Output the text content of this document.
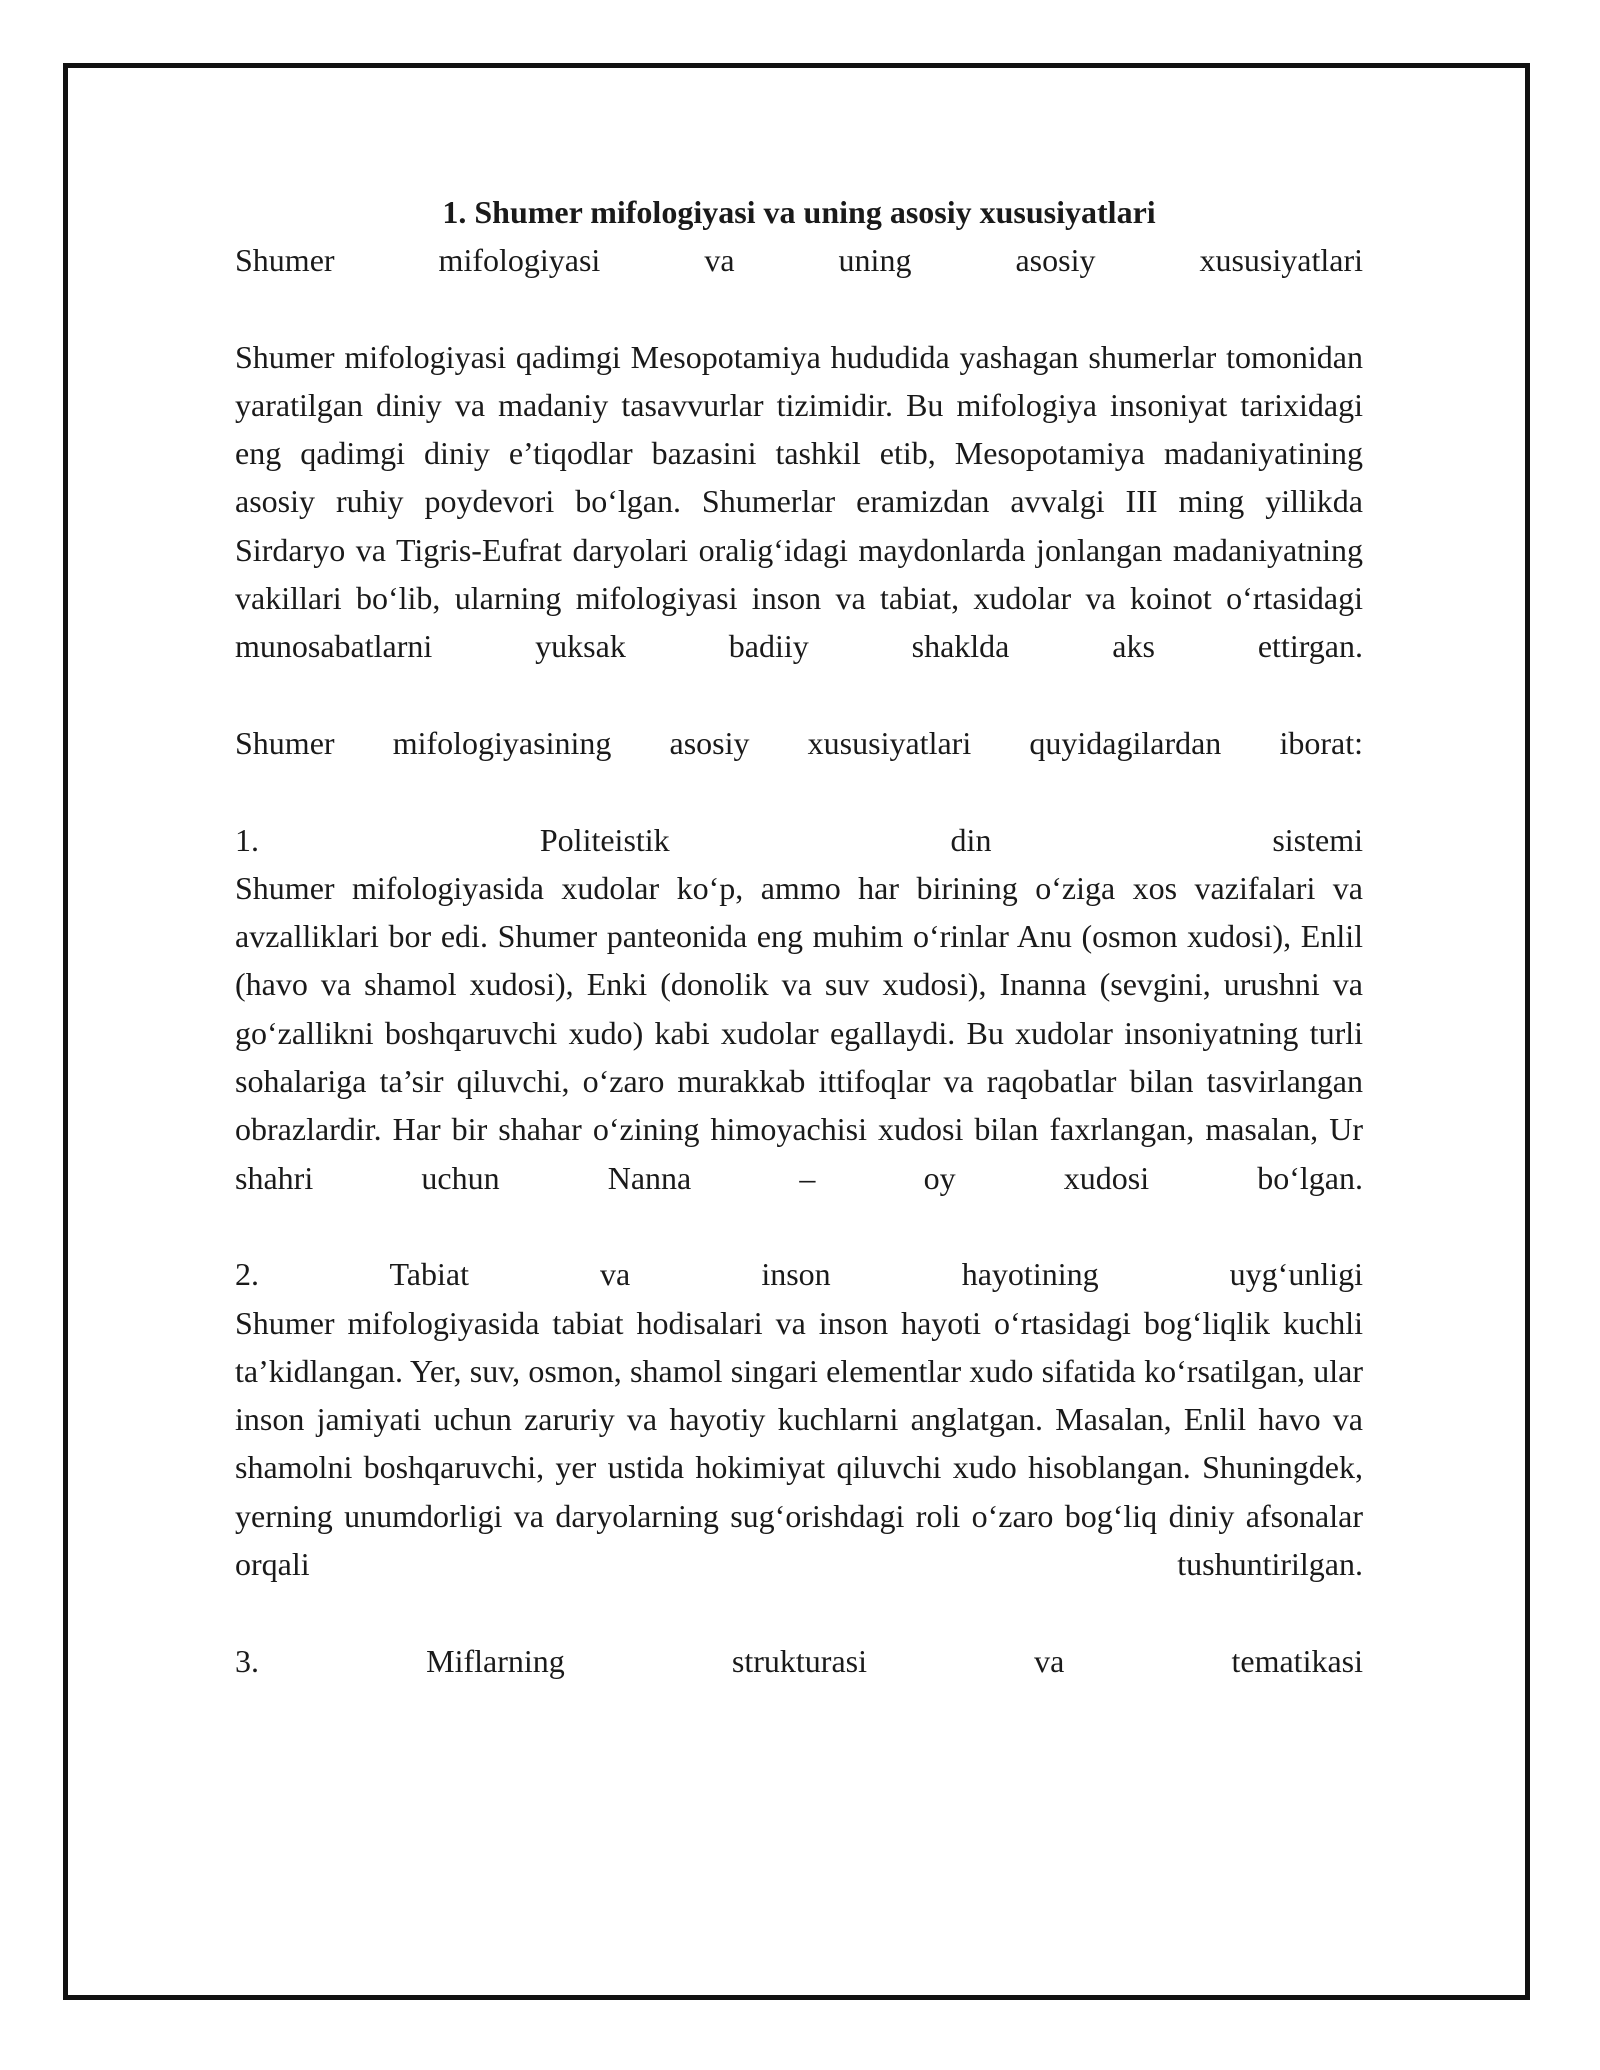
1. Shumer mifologiyasi va uning asosiy xususiyatlari

Shumer mifologiyasi va uning asosiy xususiyatlari

Shumer mifologiyasi qadimgi Mesopotamiya hududida yashagan shumerlar tomonidan yaratilgan diniy va madaniy tasavvurlar tizimidir. Bu mifologiya insoniyat tarixidagi eng qadimgi diniy e’tiqodlar bazasini tashkil etib, Mesopotamiya madaniyatining asosiy ruhiy poydevori bo‘lgan. Shumerlar eramizdan avvalgi III ming yillikda Sirdaryo va Tigris-Eufrat daryolari oralig‘idagi maydonlarda jonlangan madaniyatning vakillari bo‘lib, ularning mifologiyasi inson va tabiat, xudolar va koinot o‘rtasidagi munosabatlarni yuksak badiiy shaklda aks ettirgan.

Shumer mifologiyasining asosiy xususiyatlari quyidagilardan iborat:

1. Politeistik din sistemi

Shumer mifologiyasida xudolar ko‘p, ammo har birining o‘ziga xos vazifalari va avzalliklari bor edi. Shumer panteonida eng muhim o‘rinlar Anu (osmon xudosi), Enlil (havo va shamol xudosi), Enki (donolik va suv xudosi), Inanna (sevgini, urushni va go‘zallikni boshqaruvchi xudo) kabi xudolar egallaydi. Bu xudolar insoniyatning turli sohalariga ta’sir qiluvchi, o‘zaro murakkab ittifoqlar va raqobatlar bilan tasvirlangan obrazlardir. Har bir shahar o‘zining himoyachisi xudosi bilan faxrlangan, masalan, Ur shahri uchun Nanna – oy xudosi bo‘lgan.

2. Tabiat va inson hayotining uyg‘unligi

Shumer mifologiyasida tabiat hodisalari va inson hayoti o‘rtasidagi bog‘liqlik kuchli ta’kidlangan. Yer, suv, osmon, shamol singari elementlar xudo sifatida ko‘rsatilgan, ular inson jamiyati uchun zaruriy va hayotiy kuchlarni anglatgan. Masalan, Enlil havo va shamolni boshqaruvchi, yer ustida hokimiyat qiluvchi xudo hisoblangan. Shuningdek, yerning unumdorligi va daryolarning sug‘orishdagi roli o‘zaro bog‘liq diniy afsonalar orqali tushuntirilgan.

3. Miflarning strukturasi va tematikasi
